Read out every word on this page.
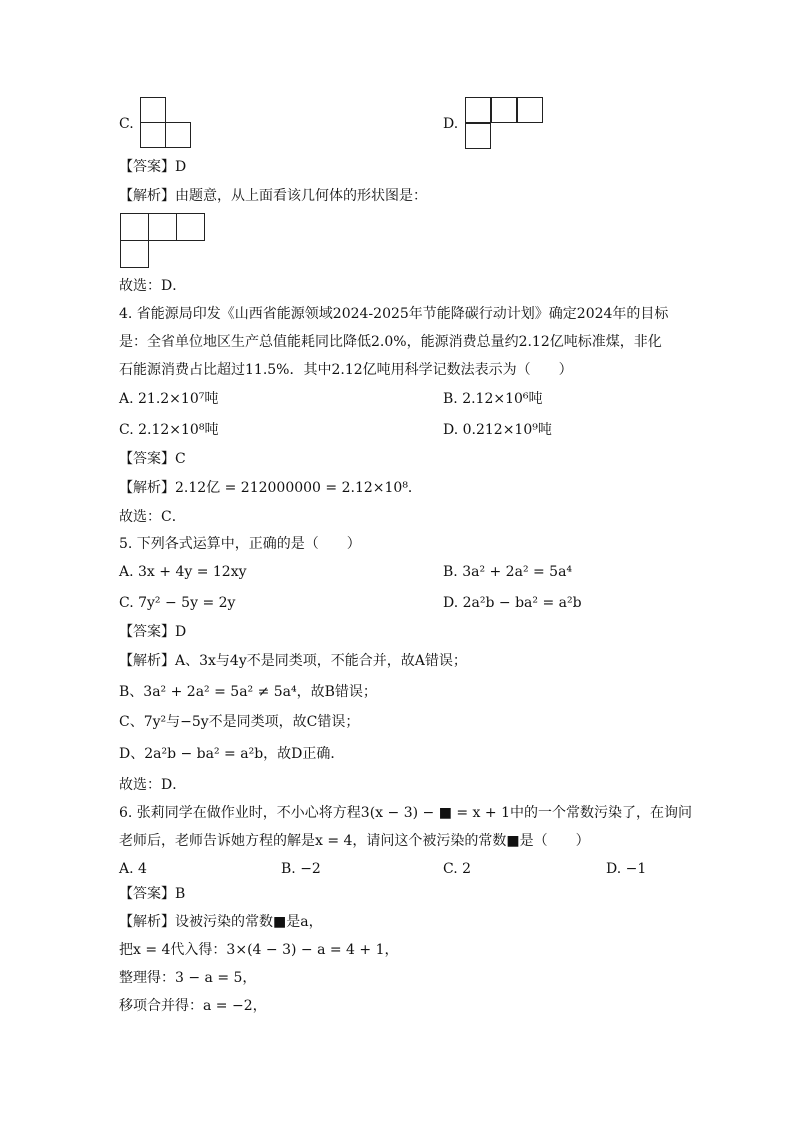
C.	D.
【答案】D
【解析】由题意，从上面看该几何体的形状图是：
故选：D．
4. 省能源局印发《山西省能源领域2024-2025年节能降碳行动计划》确定2024年的目标
是：全省单位地区生产总值能耗同比降低2.0%，能源消费总量约2.12亿吨标准煤，非化
石能源消费占比超过11.5%．其中2.12亿吨用科学记数法表示为（　　）
A. 21.2×10⁷吨	B. 2.12×10⁶吨
C. 2.12×10⁸吨	D. 0.212×10⁹吨
【答案】C
【解析】2.12亿 = 212000000 = 2.12×10⁸．
故选：C．
5. 下列各式运算中，正确的是（　　）
A. 3x + 4y = 12xy	B. 3a² + 2a² = 5a⁴
C. 7y² − 5y = 2y	D. 2a²b − ba² = a²b
【答案】D
【解析】A、3x与4y不是同类项，不能合并，故A错误；
B、3a² + 2a² = 5a² ≠ 5a⁴，故B错误；
C、7y²与−5y不是同类项，故C错误；
D、2a²b − ba² = a²b，故D正确．
故选：D．
6. 张莉同学在做作业时，不小心将方程3(x − 3) − ■ = x + 1中的一个常数污染了，在询问
老师后，老师告诉她方程的解是x = 4，请问这个被污染的常数■是（　　）
A. 4	B. −2	C. 2	D. −1
【答案】B
【解析】设被污染的常数■是a，
把x = 4代入得：3×(4 − 3) − a = 4 + 1，
整理得：3 − a = 5，
移项合并得：a = −2，
